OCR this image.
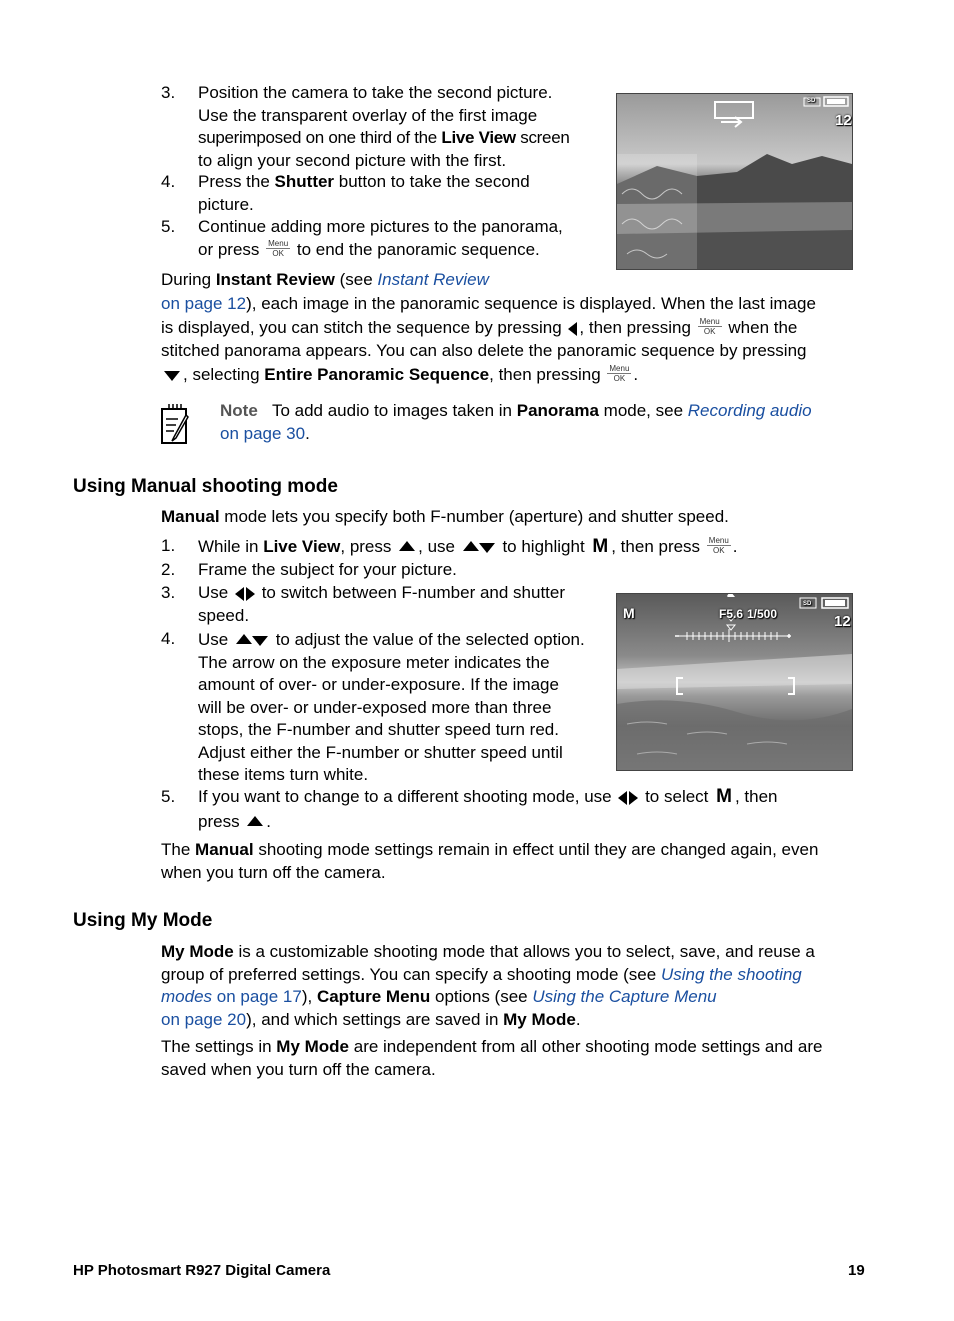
3.	Position the camera to take the second picture.
Use the transparent overlay of the first image
superimposed on one third of the Live View screen
to align your second picture with the first.
4.	Press the Shutter button to take the second
picture.
5.	Continue adding more pictures to the panorama,
or press Menu
OK to end the panoramic sequence.
SD
12
During Instant Review (see Instant Review
on page 12), each image in the panoramic sequence is displayed. When the last image
is displayed, you can stitch the sequence by pressing , then pressing Menu
OK when the
stitched panorama appears. You can also delete the panoramic sequence by pressing
, selecting Entire Panoramic Sequence, then pressing Menu
OK .
Note To add audio to images taken in Panorama mode, see Recording audio
on page 30.
Using Manual shooting mode
Manual mode lets you specify both F-number (aperture) and shutter speed.
1.	While in Live View, press , use  to highlight M , then press Menu
OK .
2.	Frame the subject for your picture.
3.	Use  to switch between F-number and shutter
speed.
4.	Use  to adjust the value of the selected option.
The arrow on the exposure meter indicates the
amount of over- or under-exposure. If the image
will be over- or under-exposed more than three
stops, the F-number and shutter speed turn red.
Adjust either the F-number or shutter speed until
these items turn white.
M	F5.6 1/500
SD
12
5.	If you want to change to a different shooting mode, use  to select M , then
press .
The Manual shooting mode settings remain in effect until they are changed again, even
when you turn off the camera.
Using My Mode
My Mode is a customizable shooting mode that allows you to select, save, and reuse a
group of preferred settings. You can specify a shooting mode (see Using the shooting
modes on page 17), Capture Menu options (see Using the Capture Menu
on page 20), and which settings are saved in My Mode.
The settings in My Mode are independent from all other shooting mode settings and are
saved when you turn off the camera.
HP Photosmart R927 Digital Camera	19
